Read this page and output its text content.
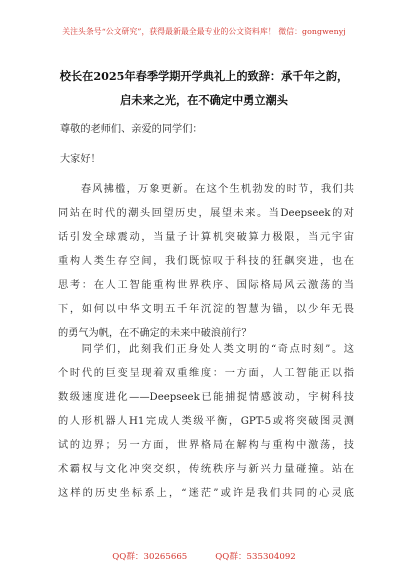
关注头条号“公文研究”，获得最新最全最专业的公文资料库！ 微信：gongwenyj
校长在2025年春季学期开学典礼上的致辞：承千年之韵，
启未来之光，在不确定中勇立潮头
尊敬的老师们、亲爱的同学们：
大家好！
　　春风拂槛，万象更新。在这个生机勃发的时节，我们共
同站在时代的潮头回望历史，展望未来。当Deepseek的对
话引发全球震动，当量子计算机突破算力极限，当元宇宙
重构人类生存空间，我们既惊叹于科技的狂飙突进，也在
思考：在人工智能重构世界秩序、国际格局风云激荡的当
下，如何以中华文明五千年沉淀的智慧为锚，以少年无畏
的勇气为帆，在不确定的未来中破浪前行？
　　同学们，此刻我们正身处人类文明的“奇点时刻”。这
个时代的巨变呈现着双重维度：一方面，人工智能正以指
数级速度进化——Deepseek已能捕捉情感波动，宇树科技
的人形机器人H1完成人类级平衡，GPT-5或将突破图灵测
试的边界；另一方面，世界格局在解构与重构中激荡，技
术霸权与文化冲突交织，传统秩序与新兴力量碰撞。站在
这样的历史坐标系上，“迷茫”或许是我们共同的心灵底
QQ群：30265665	QQ群：535304092
